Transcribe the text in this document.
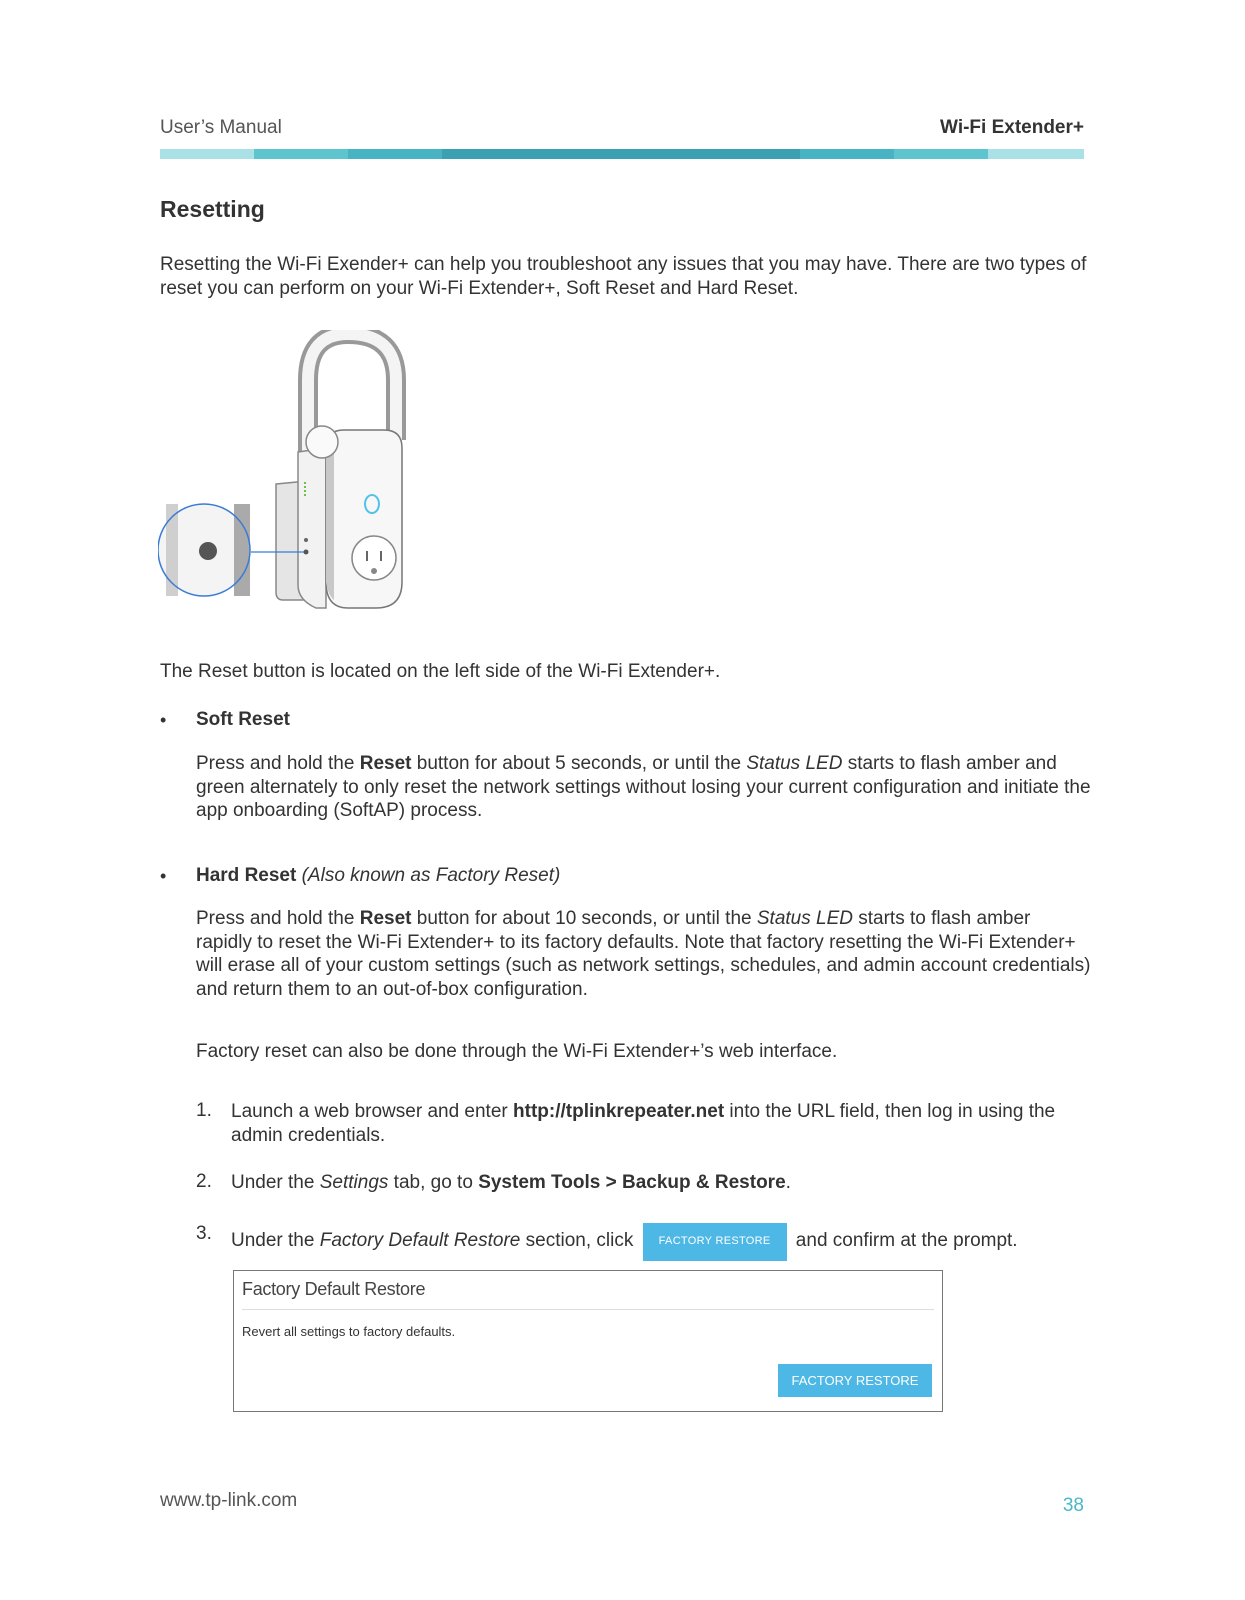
User’s Manual	Wi-Fi Extender+
Resetting
Resetting the Wi-Fi Exender+ can help you troubleshoot any issues that you may have. There are two types of reset you can perform on your Wi-Fi Extender+, Soft Reset and Hard Reset.
The Reset button is located on the left side of the Wi-Fi Extender+.
• Soft Reset
Press and hold the Reset button for about 5 seconds, or until the Status LED starts to flash amber and green alternately to only reset the network settings without losing your current configuration and initiate the app onboarding (SoftAP) process.
• Hard Reset (Also known as Factory Reset)
Press and hold the Reset button for about 10 seconds, or until the Status LED starts to flash amber rapidly to reset the Wi-Fi Extender+ to its factory defaults. Note that factory resetting the Wi-Fi Extender+ will erase all of your custom settings (such as network settings, schedules, and admin account credentials) and return them to an out-of-box configuration.
Factory reset can also be done through the Wi-Fi Extender+’s web interface.
1. Launch a web browser and enter http://tplinkrepeater.net into the URL field, then log in using the admin credentials.
2. Under the Settings tab, go to System Tools > Backup & Restore.
3. Under the Factory Default Restore section, click FACTORY RESTORE and confirm at the prompt.
Factory Default Restore
Revert all settings to factory defaults.
FACTORY RESTORE
www.tp-link.com	38
